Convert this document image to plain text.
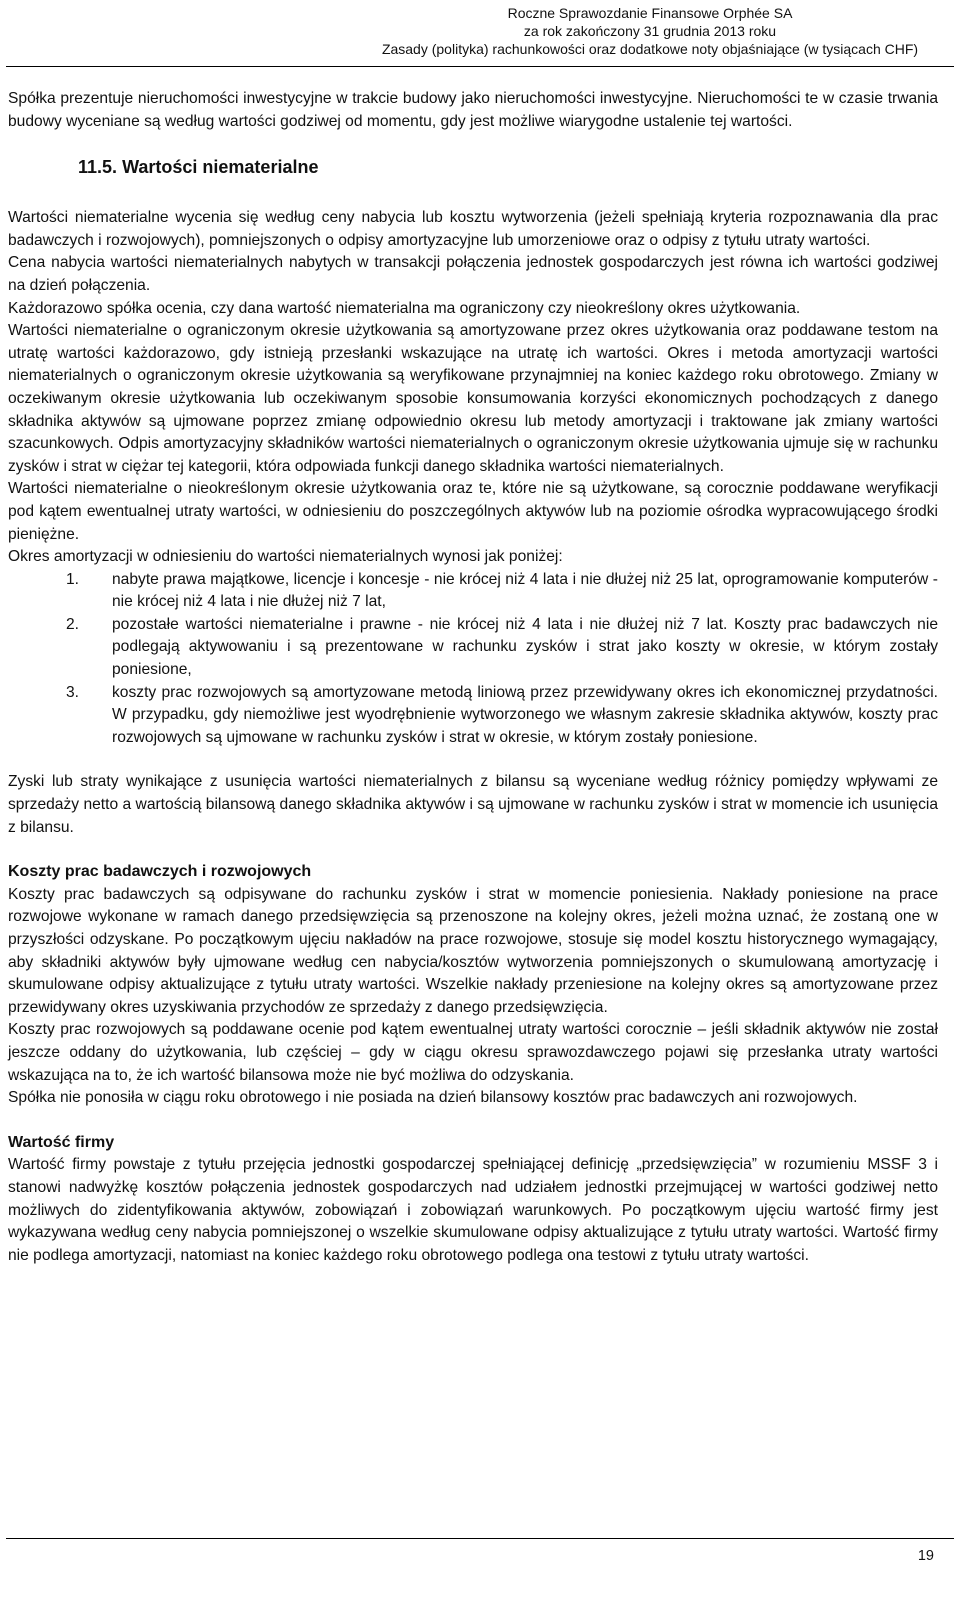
Roczne Sprawozdanie Finansowe Orphée SA
za rok zakończony 31 grudnia 2013 roku
Zasady (polityka) rachunkowości oraz dodatkowe noty objaśniające (w tysiącach CHF)

Spółka prezentuje nieruchomości inwestycyjne w trakcie budowy jako nieruchomości inwestycyjne. Nieruchomości te w czasie trwania budowy wyceniane są według wartości godziwej od momentu, gdy jest możliwe wiarygodne ustalenie tej wartości.

11.5. Wartości niematerialne

Wartości niematerialne wycenia się według ceny nabycia lub kosztu wytworzenia (jeżeli spełniają kryteria rozpoznawania dla prac badawczych i rozwojowych), pomniejszonych o odpisy amortyzacyjne lub umorzeniowe oraz o odpisy z tytułu utraty wartości.

Cena nabycia wartości niematerialnych nabytych w transakcji połączenia jednostek gospodarczych jest równa ich wartości godziwej na dzień połączenia.

Każdorazowo spółka ocenia, czy dana wartość niematerialna ma ograniczony czy nieokreślony okres użytkowania.

Wartości niematerialne o ograniczonym okresie użytkowania są amortyzowane przez okres użytkowania oraz poddawane testom na utratę wartości każdorazowo, gdy istnieją przesłanki wskazujące na utratę ich wartości. Okres i metoda amortyzacji wartości niematerialnych o ograniczonym okresie użytkowania są weryfikowane przynajmniej na koniec każdego roku obrotowego. Zmiany w oczekiwanym okresie użytkowania lub oczekiwanym sposobie konsumowania korzyści ekonomicznych pochodzących z danego składnika aktywów są ujmowane poprzez zmianę odpowiednio okresu lub metody amortyzacji i traktowane jak zmiany wartości szacunkowych. Odpis amortyzacyjny składników wartości niematerialnych o ograniczonym okresie użytkowania ujmuje się w rachunku zysków i strat w ciężar tej kategorii, która odpowiada funkcji danego składnika wartości niematerialnych.

Wartości niematerialne o nieokreślonym okresie użytkowania oraz te, które nie są użytkowane, są corocznie poddawane weryfikacji pod kątem ewentualnej utraty wartości, w odniesieniu do poszczególnych aktywów lub na poziomie ośrodka wypracowującego środki pieniężne.

Okres amortyzacji w odniesieniu do wartości niematerialnych wynosi jak poniżej:

1. nabyte prawa majątkowe, licencje i koncesje - nie krócej niż 4 lata i nie dłużej niż 25 lat, oprogramowanie komputerów - nie krócej niż 4 lata i nie dłużej niż 7 lat,
2. pozostałe wartości niematerialne i prawne - nie krócej niż 4 lata i nie dłużej niż 7 lat. Koszty prac badawczych nie podlegają aktywowaniu i są prezentowane w rachunku zysków i strat jako koszty w okresie, w którym zostały poniesione,
3. koszty prac rozwojowych są amortyzowane metodą liniową przez przewidywany okres ich ekonomicznej przydatności. W przypadku, gdy niemożliwe jest wyodrębnienie wytworzonego we własnym zakresie składnika aktywów, koszty prac rozwojowych są ujmowane w rachunku zysków i strat w okresie, w którym zostały poniesione.

Zyski lub straty wynikające z usunięcia wartości niematerialnych z bilansu są wyceniane według różnicy pomiędzy wpływami ze sprzedaży netto a wartością bilansową danego składnika aktywów i są ujmowane w rachunku zysków i strat w momencie ich usunięcia z bilansu.

Koszty prac badawczych i rozwojowych

Koszty prac badawczych są odpisywane do rachunku zysków i strat w momencie poniesienia. Nakłady poniesione na prace rozwojowe wykonane w ramach danego przedsięwzięcia są przenoszone na kolejny okres, jeżeli można uznać, że zostaną one w przyszłości odzyskane. Po początkowym ujęciu nakładów na prace rozwojowe, stosuje się model kosztu historycznego wymagający, aby składniki aktywów były ujmowane według cen nabycia/kosztów wytworzenia pomniejszonych o skumulowaną amortyzację i skumulowane odpisy aktualizujące z tytułu utraty wartości. Wszelkie nakłady przeniesione na kolejny okres są amortyzowane przez przewidywany okres uzyskiwania przychodów ze sprzedaży z danego przedsięwzięcia.

Koszty prac rozwojowych są poddawane ocenie pod kątem ewentualnej utraty wartości corocznie – jeśli składnik aktywów nie został jeszcze oddany do użytkowania, lub częściej – gdy w ciągu okresu sprawozdawczego pojawi się przesłanka utraty wartości wskazująca na to, że ich wartość bilansowa może nie być możliwa do odzyskania.

Spółka nie ponosiła w ciągu roku obrotowego i nie posiada na dzień bilansowy kosztów prac badawczych ani rozwojowych.

Wartość firmy

Wartość firmy powstaje z tytułu przejęcia jednostki gospodarczej spełniającej definicję „przedsięwzięcia” w rozumieniu MSSF 3 i stanowi nadwyżkę kosztów połączenia jednostek gospodarczych nad udziałem jednostki przejmującej w wartości godziwej netto możliwych do zidentyfikowania aktywów, zobowiązań i zobowiązań warunkowych. Po początkowym ujęciu wartość firmy jest wykazywana według ceny nabycia pomniejszonej o wszelkie skumulowane odpisy aktualizujące z tytułu utraty wartości. Wartość firmy nie podlega amortyzacji, natomiast na koniec każdego roku obrotowego podlega ona testowi z tytułu utraty wartości.

19
